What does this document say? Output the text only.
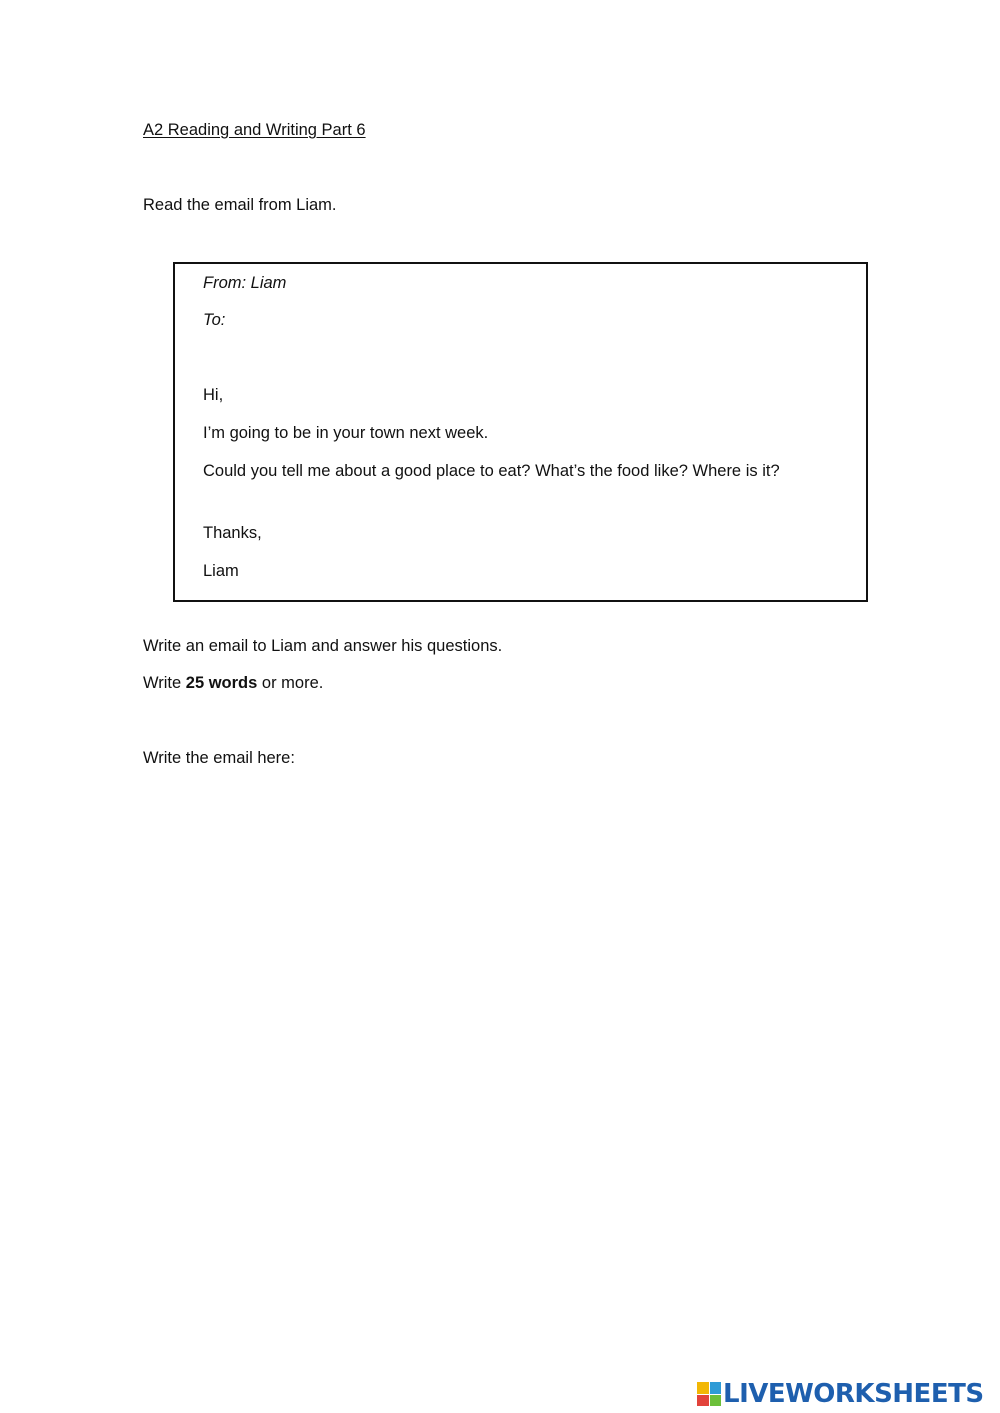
A2 Reading and Writing Part 6
Read the email from Liam.
From: Liam
To:
Hi,
I’m going to be in your town next week.
Could you tell me about a good place to eat? What’s the food like? Where is it?
Thanks,
Liam
Write an email to Liam and answer his questions.
Write 25 words or more.
Write the email here:
LIVEWORKSHEETS
